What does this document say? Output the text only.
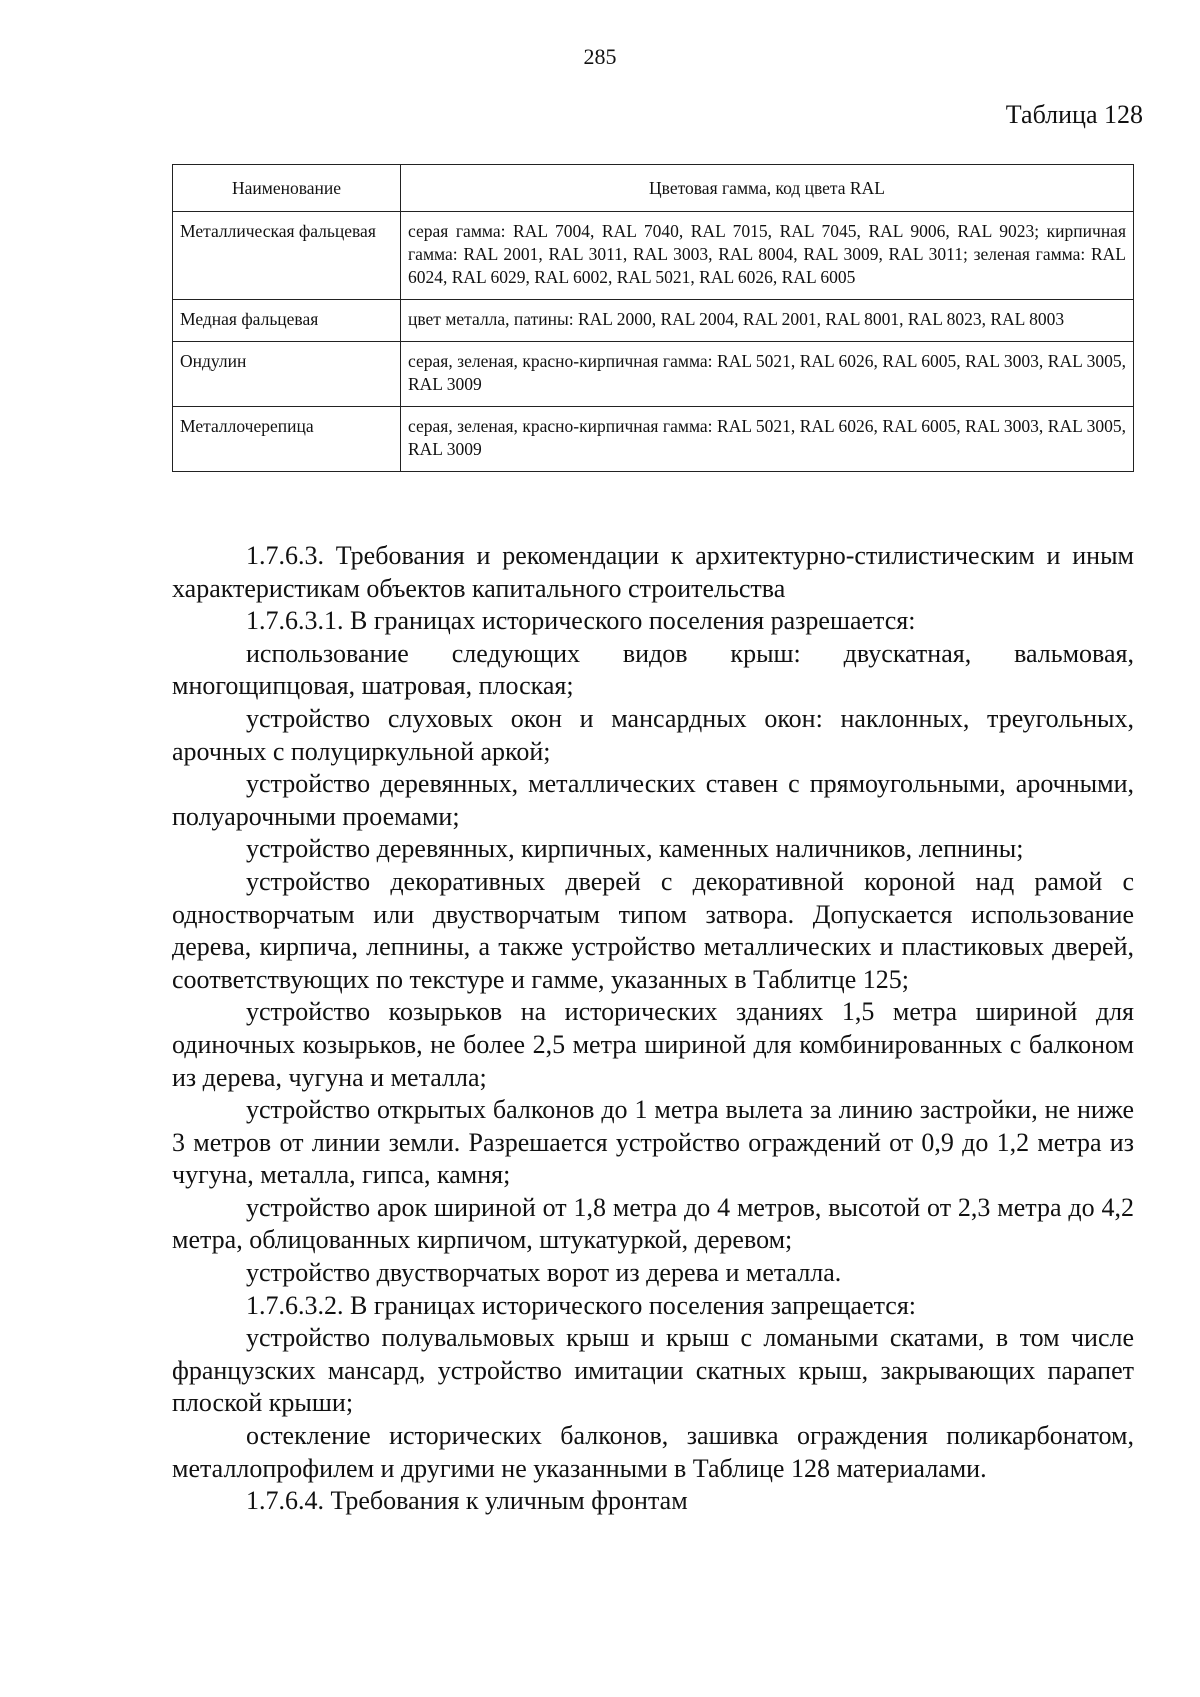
285
Таблица 128
Наименование	Цветовая гамма, код цвета RAL
Металлическая фальцевая	серая гамма: RAL 7004, RAL 7040, RAL 7015, RAL 7045, RAL 9006, RAL 9023; кирпичная гамма: RAL 2001, RAL 3011, RAL 3003, RAL 8004, RAL 3009, RAL 3011; зеленая гамма: RAL 6024, RAL 6029, RAL 6002, RAL 5021, RAL 6026, RAL 6005
Медная фальцевая	цвет металла, патины: RAL 2000, RAL 2004, RAL 2001, RAL 8001, RAL 8023, RAL 8003
Ондулин	серая, зеленая, красно-кирпичная гамма: RAL 5021, RAL 6026, RAL 6005, RAL 3003, RAL 3005, RAL 3009
Металлочерепица	серая, зеленая, красно-кирпичная гамма: RAL 5021, RAL 6026, RAL 6005, RAL 3003, RAL 3005, RAL 3009

1.7.6.3. Требования и рекомендации к архитектурно-стилистическим и иным характеристикам объектов капитального строительства

1.7.6.3.1. В границах исторического поселения разрешается:

использование следующих видов крыш: двускатная, вальмовая, многощипцовая, шатровая, плоская;

устройство слуховых окон и мансардных окон: наклонных, треугольных, арочных с полуциркульной аркой;

устройство деревянных, металлических ставен с прямоугольными, арочными, полуарочными проемами;

устройство деревянных, кирпичных, каменных наличников, лепнины;

устройство декоративных дверей с декоративной короной над рамой с одностворчатым или двустворчатым типом затвора. Допускается использование дерева, кирпича, лепнины, а также устройство металлических и пластиковых дверей, соответствующих по текстуре и гамме, указанных в Таблитце 125;

устройство козырьков на исторических зданиях 1,5 метра шириной для одиночных козырьков, не более 2,5 метра шириной для комбинированных с балконом из дерева, чугуна и металла;

устройство открытых балконов до 1 метра вылета за линию застройки, не ниже 3 метров от линии земли. Разрешается устройство ограждений от 0,9 до 1,2 метра из чугуна, металла, гипса, камня;

устройство арок шириной от 1,8 метра до 4 метров, высотой от 2,3 метра до 4,2 метра, облицованных кирпичом, штукатуркой, деревом;

устройство двустворчатых ворот из дерева и металла.

1.7.6.3.2. В границах исторического поселения запрещается:

устройство полувальмовых крыш и крыш с ломаными скатами, в том числе французских мансард, устройство имитации скатных крыш, закрывающих парапет плоской крыши;

остекление исторических балконов, зашивка ограждения поликарбонатом, металлопрофилем и другими не указанными в Таблице 128 материалами.

1.7.6.4. Требования к уличным фронтам
